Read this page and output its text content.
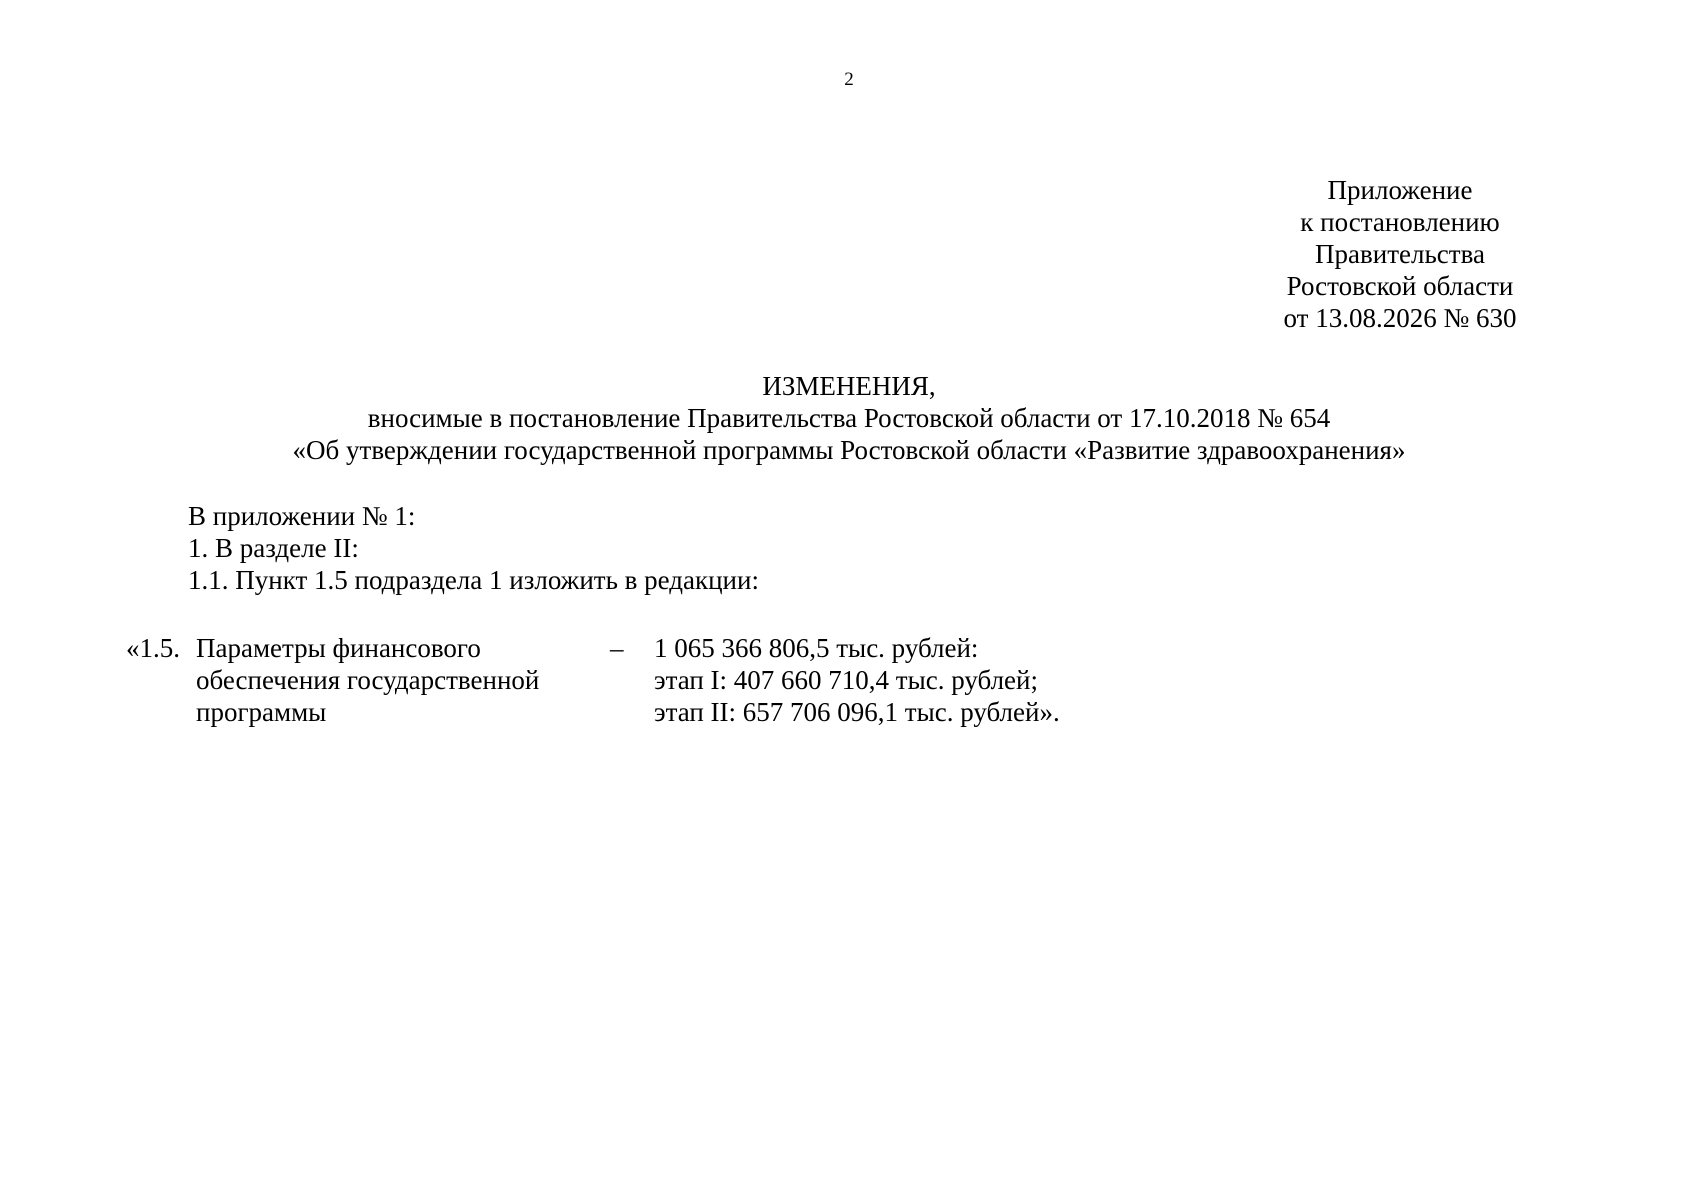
2
Приложение
к постановлению
Правительства
Ростовской области
от 13.08.2026 № 630
ИЗМЕНЕНИЯ,
вносимые в постановление Правительства Ростовской области от 17.10.2018 № 654
«Об утверждении государственной программы Ростовской области «Развитие здравоохранения»
В приложении № 1:
1. В разделе II:
1.1. Пункт 1.5 подраздела 1 изложить в редакции:
«1.5. Параметры финансового
обеспечения государственной
программы
– 1 065 366 806,5 тыс. рублей:
этап I: 407 660 710,4 тыс. рублей;
этап II: 657 706 096,1 тыс. рублей».
